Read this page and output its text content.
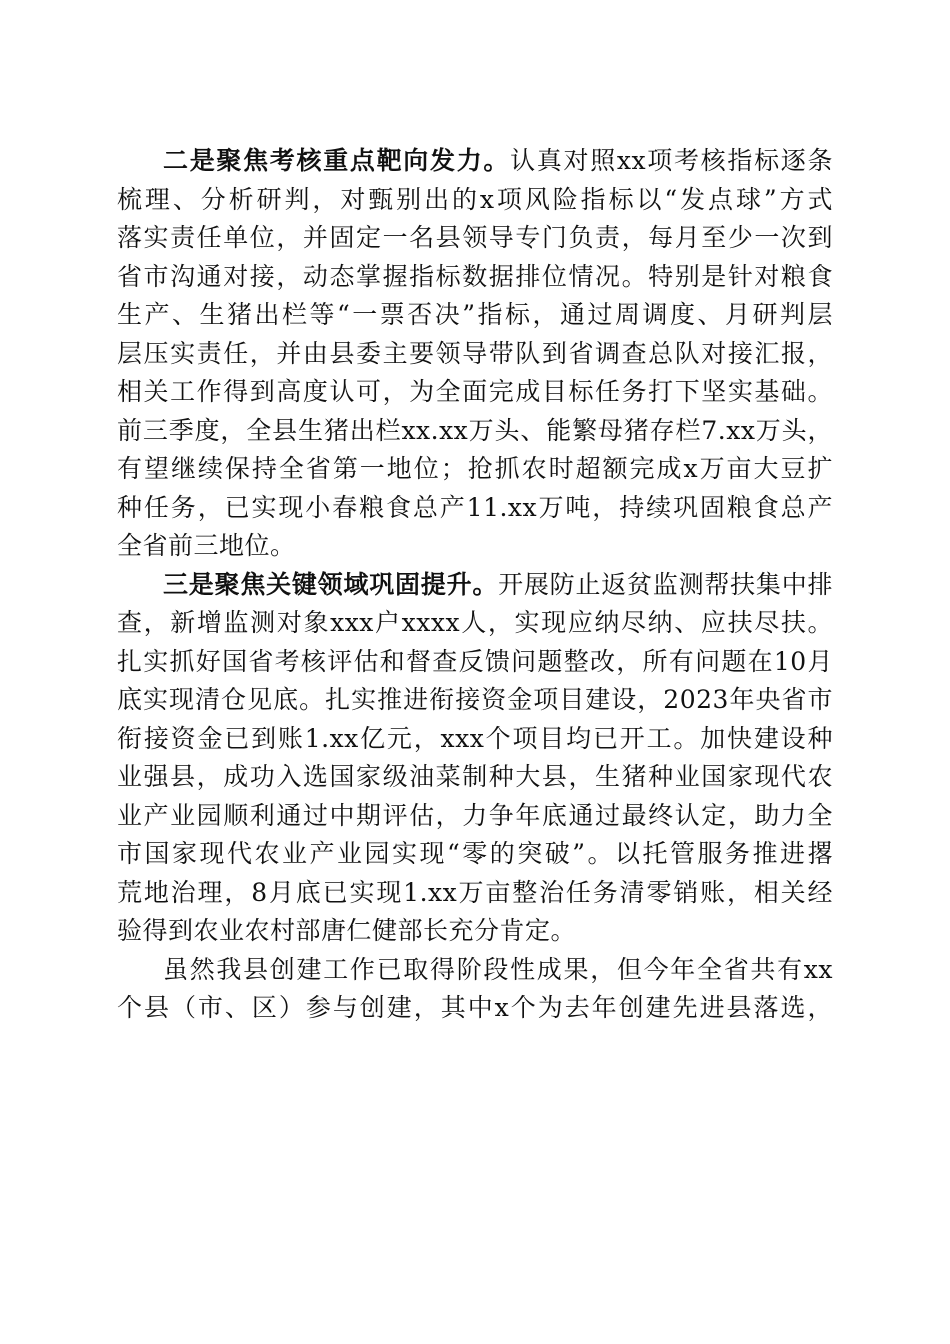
二是聚焦考核重点靶向发力。认真对照xx项考核指标逐条
梳理、分析研判，对甄别出的x项风险指标以“发点球”方式
落实责任单位，并固定一名县领导专门负责，每月至少一次到
省市沟通对接，动态掌握指标数据排位情况。特别是针对粮食
生产、生猪出栏等“一票否决”指标，通过周调度、月研判层
层压实责任，并由县委主要领导带队到省调查总队对接汇报，
相关工作得到高度认可，为全面完成目标任务打下坚实基础。
前三季度，全县生猪出栏xx.xx万头、能繁母猪存栏7.xx万头，
有望继续保持全省第一地位；抢抓农时超额完成x万亩大豆扩
种任务，已实现小春粮食总产11.xx万吨，持续巩固粮食总产
全省前三地位。
三是聚焦关键领域巩固提升。开展防止返贫监测帮扶集中排
查，新增监测对象xxx户xxxx人，实现应纳尽纳、应扶尽扶。
扎实抓好国省考核评估和督查反馈问题整改，所有问题在10月
底实现清仓见底。扎实推进衔接资金项目建设，2023年央省市
衔接资金已到账1.xx亿元，xxx个项目均已开工。加快建设种
业强县，成功入选国家级油菜制种大县，生猪种业国家现代农
业产业园顺利通过中期评估，力争年底通过最终认定，助力全
市国家现代农业产业园实现“零的突破”。以托管服务推进撂
荒地治理，8月底已实现1.xx万亩整治任务清零销账，相关经
验得到农业农村部唐仁健部长充分肯定。
虽然我县创建工作已取得阶段性成果，但今年全省共有xx
个县（市、区）参与创建，其中x个为去年创建先进县落选，
